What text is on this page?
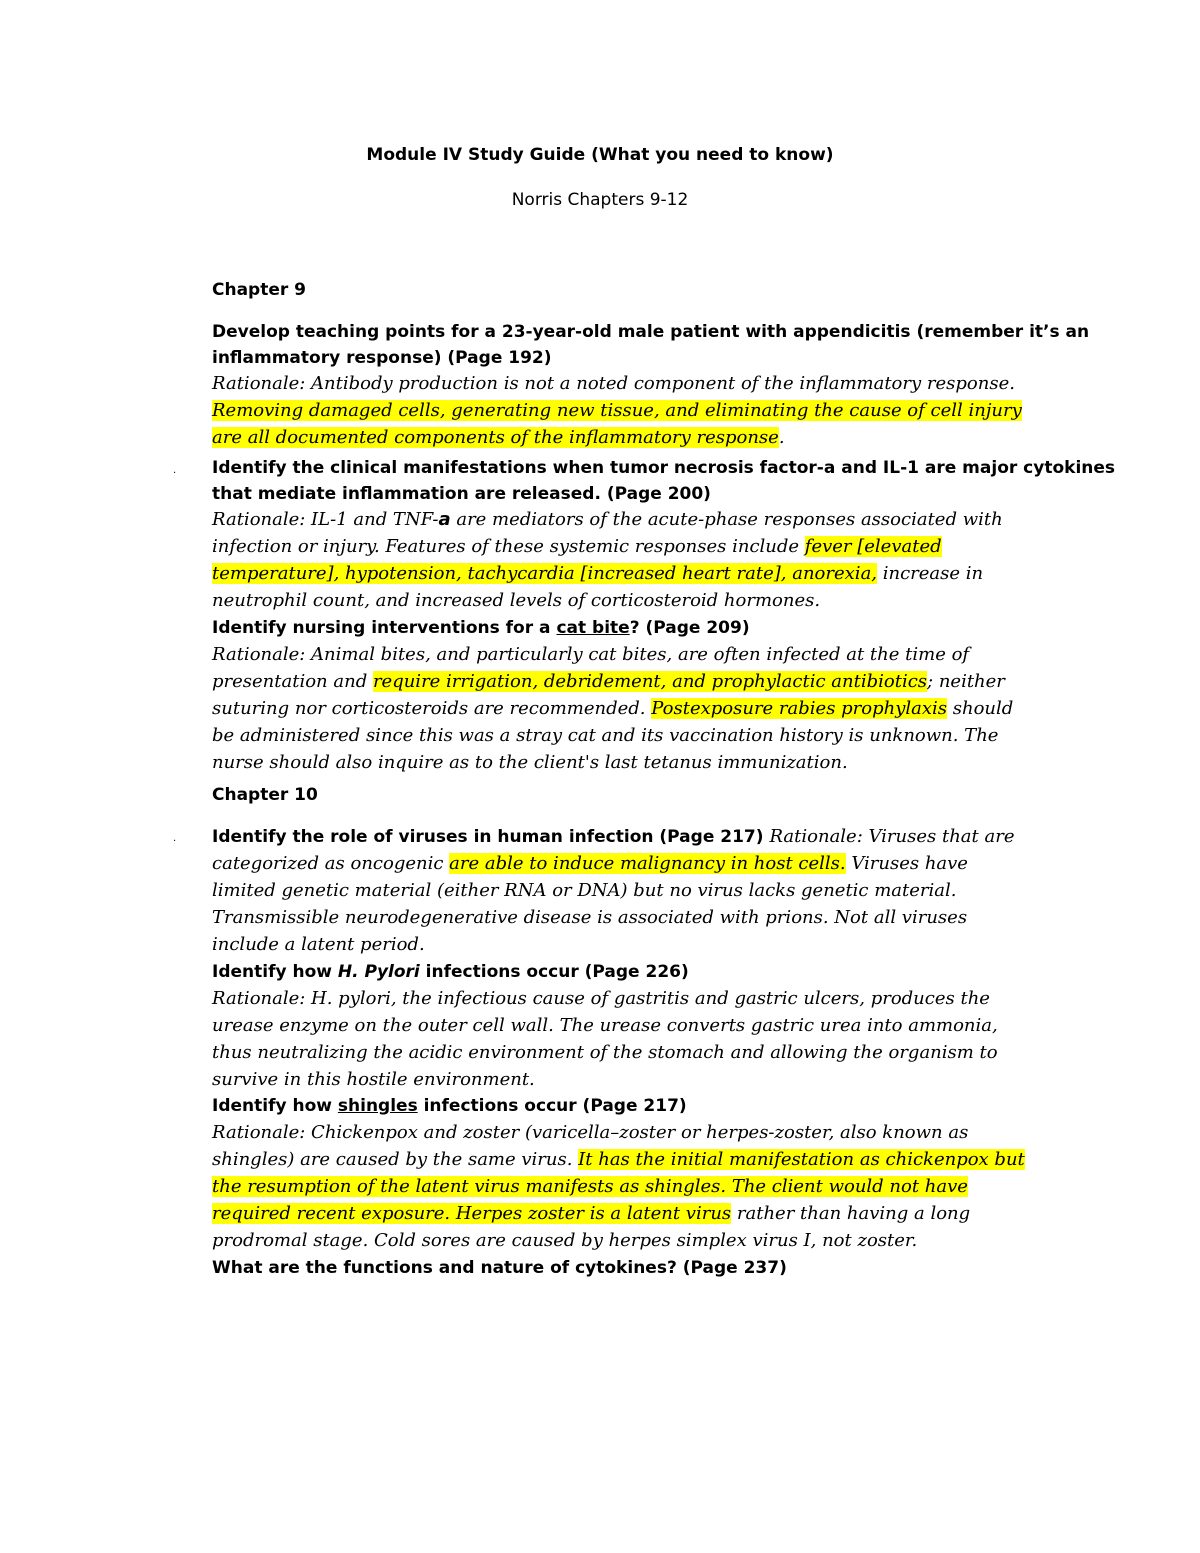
Module IV Study Guide (What you need to know)
Norris Chapters 9-12
Chapter 9
Develop teaching points for a 23-year-old male patient with appendicitis (remember it’s an
inflammatory response) (Page 192)
Rationale: Antibody production is not a noted component of the inflammatory response.
Removing damaged cells, generating new tissue, and eliminating the cause of cell injury
are all documented components of the inflammatory response.
· Identify the clinical manifestations when tumor necrosis factor-a and IL-1 are major cytokines
that mediate inflammation are released. (Page 200)
Rationale: IL-1 and TNF-a are mediators of the acute-phase responses associated with
infection or injury. Features of these systemic responses include fever [elevated
temperature], hypotension, tachycardia [increased heart rate], anorexia, increase in
neutrophil count, and increased levels of corticosteroid hormones.
Identify nursing interventions for a cat bite? (Page 209)
Rationale: Animal bites, and particularly cat bites, are often infected at the time of
presentation and require irrigation, debridement, and prophylactic antibiotics; neither
suturing nor corticosteroids are recommended. Postexposure rabies prophylaxis should
be administered since this was a stray cat and its vaccination history is unknown. The
nurse should also inquire as to the client's last tetanus immunization.
Chapter 10
· Identify the role of viruses in human infection (Page 217) Rationale: Viruses that are
categorized as oncogenic are able to induce malignancy in host cells. Viruses have
limited genetic material (either RNA or DNA) but no virus lacks genetic material.
Transmissible neurodegenerative disease is associated with prions. Not all viruses
include a latent period.
Identify how H. Pylori infections occur (Page 226)
Rationale: H. pylori, the infectious cause of gastritis and gastric ulcers, produces the
urease enzyme on the outer cell wall. The urease converts gastric urea into ammonia,
thus neutralizing the acidic environment of the stomach and allowing the organism to
survive in this hostile environment.
Identify how shingles infections occur (Page 217)
Rationale: Chickenpox and zoster (varicella–zoster or herpes-zoster, also known as
shingles) are caused by the same virus. It has the initial manifestation as chickenpox but
the resumption of the latent virus manifests as shingles. The client would not have
required recent exposure. Herpes zoster is a latent virus rather than having a long
prodromal stage. Cold sores are caused by herpes simplex virus I, not zoster.
What are the functions and nature of cytokines? (Page 237)
